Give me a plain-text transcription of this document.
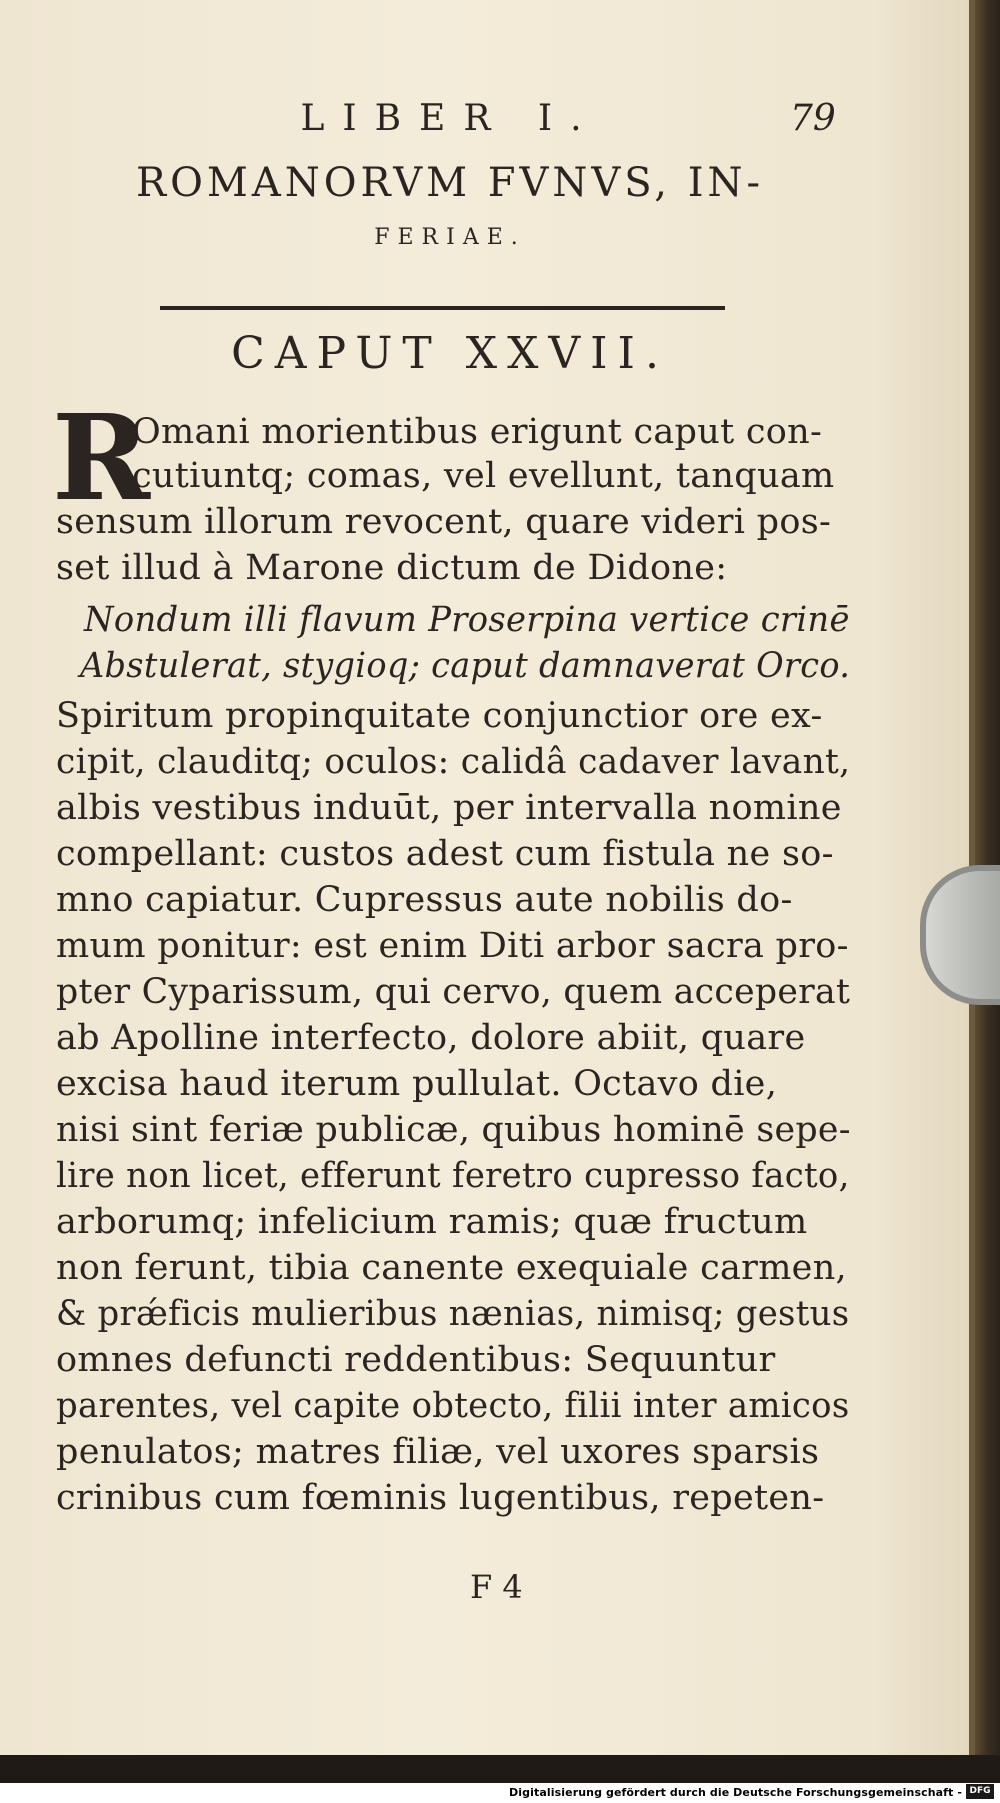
LIBER I.	79
ROMANORVM FVNVS, IN-
FERIAE.
CAPUT XXVII.
R
Omani morientibus erigunt caput con-
cutiuntq; comas, vel evellunt, tanquam
sensum illorum revocent, quare videri pos-
set illud à Marone dictum de Didone:
Nondum illi flavum Proserpina vertice crinē
Abstulerat, stygioq; caput damnaverat Orco.
Spiritum propinquitate conjunctior ore ex-
cipit, clauditq; oculos: calidâ cadaver lavant,
albis vestibus induūt, per intervalla nomine
compellant: custos adest cum fistula ne so-
mno capiatur. Cupressus aute nobilis do-
mum ponitur: est enim Diti arbor sacra pro-
pter Cyparissum, qui cervo, quem acceperat
ab Apolline interfecto, dolore abiit, quare
excisa haud iterum pullulat. Octavo die,
nisi sint feriæ publicæ, quibus hominē sepe-
lire non licet, efferunt feretro cupresso facto,
arborumq; infelicium ramis; quæ fructum
non ferunt, tibia canente exequiale carmen,
& prǽficis mulieribus nænias, nimisq; gestus
omnes defuncti reddentibus: Sequuntur
parentes, vel capite obtecto, filii inter amicos
penulatos; matres filiæ, vel uxores sparsis
crinibus cum fœminis lugentibus, repeten-
F 4
Digitalisierung gefördert durch die Deutsche Forschungsgemeinschaft - DFG
